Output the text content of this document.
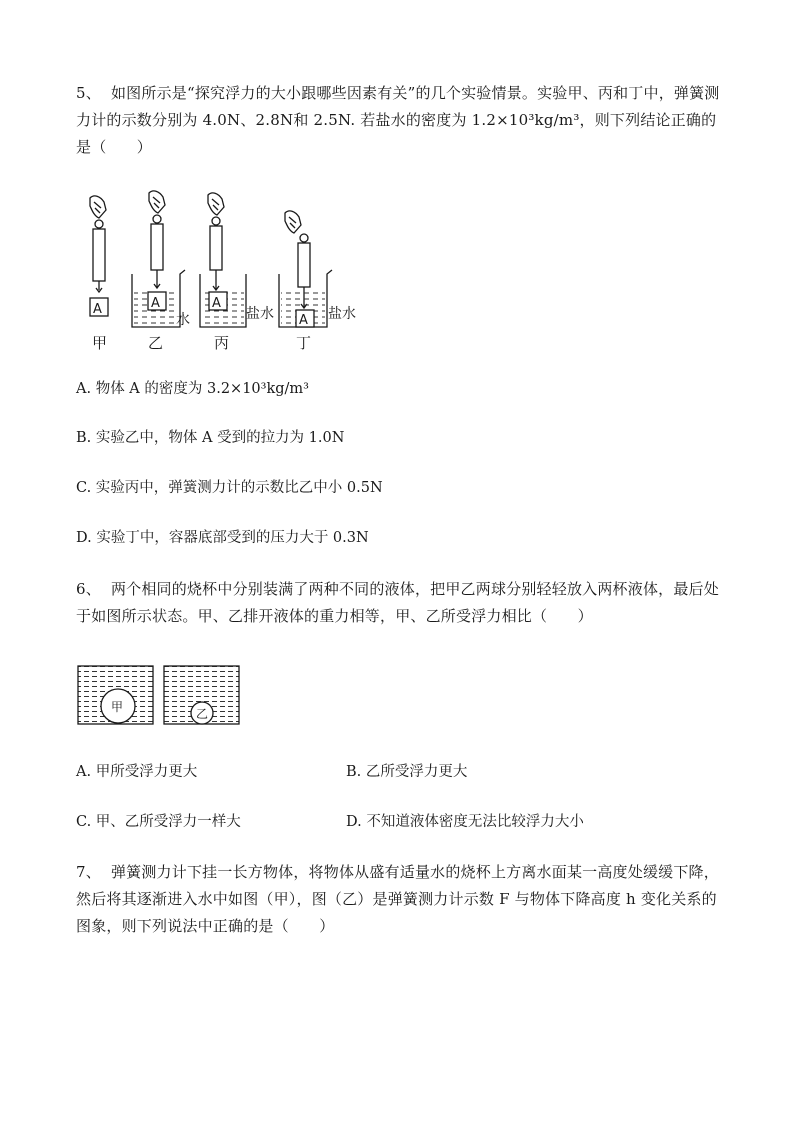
5、 如图所示是“探究浮力的大小跟哪些因素有关”的几个实验情景。实验甲、丙和丁中，弹簧测力计的示数分别为 4.0N、2.8N和 2.5N. 若盐水的密度为 1.2×10³kg/m³，则下列结论正确的是（　　）
A	A	A
A
水	盐水	盐水
甲	乙	丙	丁
A. 物体 A 的密度为 3.2×10³kg/m³
B. 实验乙中，物体 A 受到的拉力为 1.0N
C. 实验丙中，弹簧测力计的示数比乙中小 0.5N
D. 实验丁中，容器底部受到的压力大于 0.3N
6、 两个相同的烧杯中分别装满了两种不同的液体，把甲乙两球分别轻轻放入两杯液体，最后处于如图所示状态。甲、乙排开液体的重力相等，甲、乙所受浮力相比（　　）
甲	乙
A. 甲所受浮力更大	B. 乙所受浮力更大
C. 甲、乙所受浮力一样大	D. 不知道液体密度无法比较浮力大小
7、 弹簧测力计下挂一长方物体，将物体从盛有适量水的烧杯上方离水面某一高度处缓缓下降，然后将其逐渐进入水中如图（甲），图（乙）是弹簧测力计示数 F 与物体下降高度 h 变化关系的图象，则下列说法中正确的是（　　）
